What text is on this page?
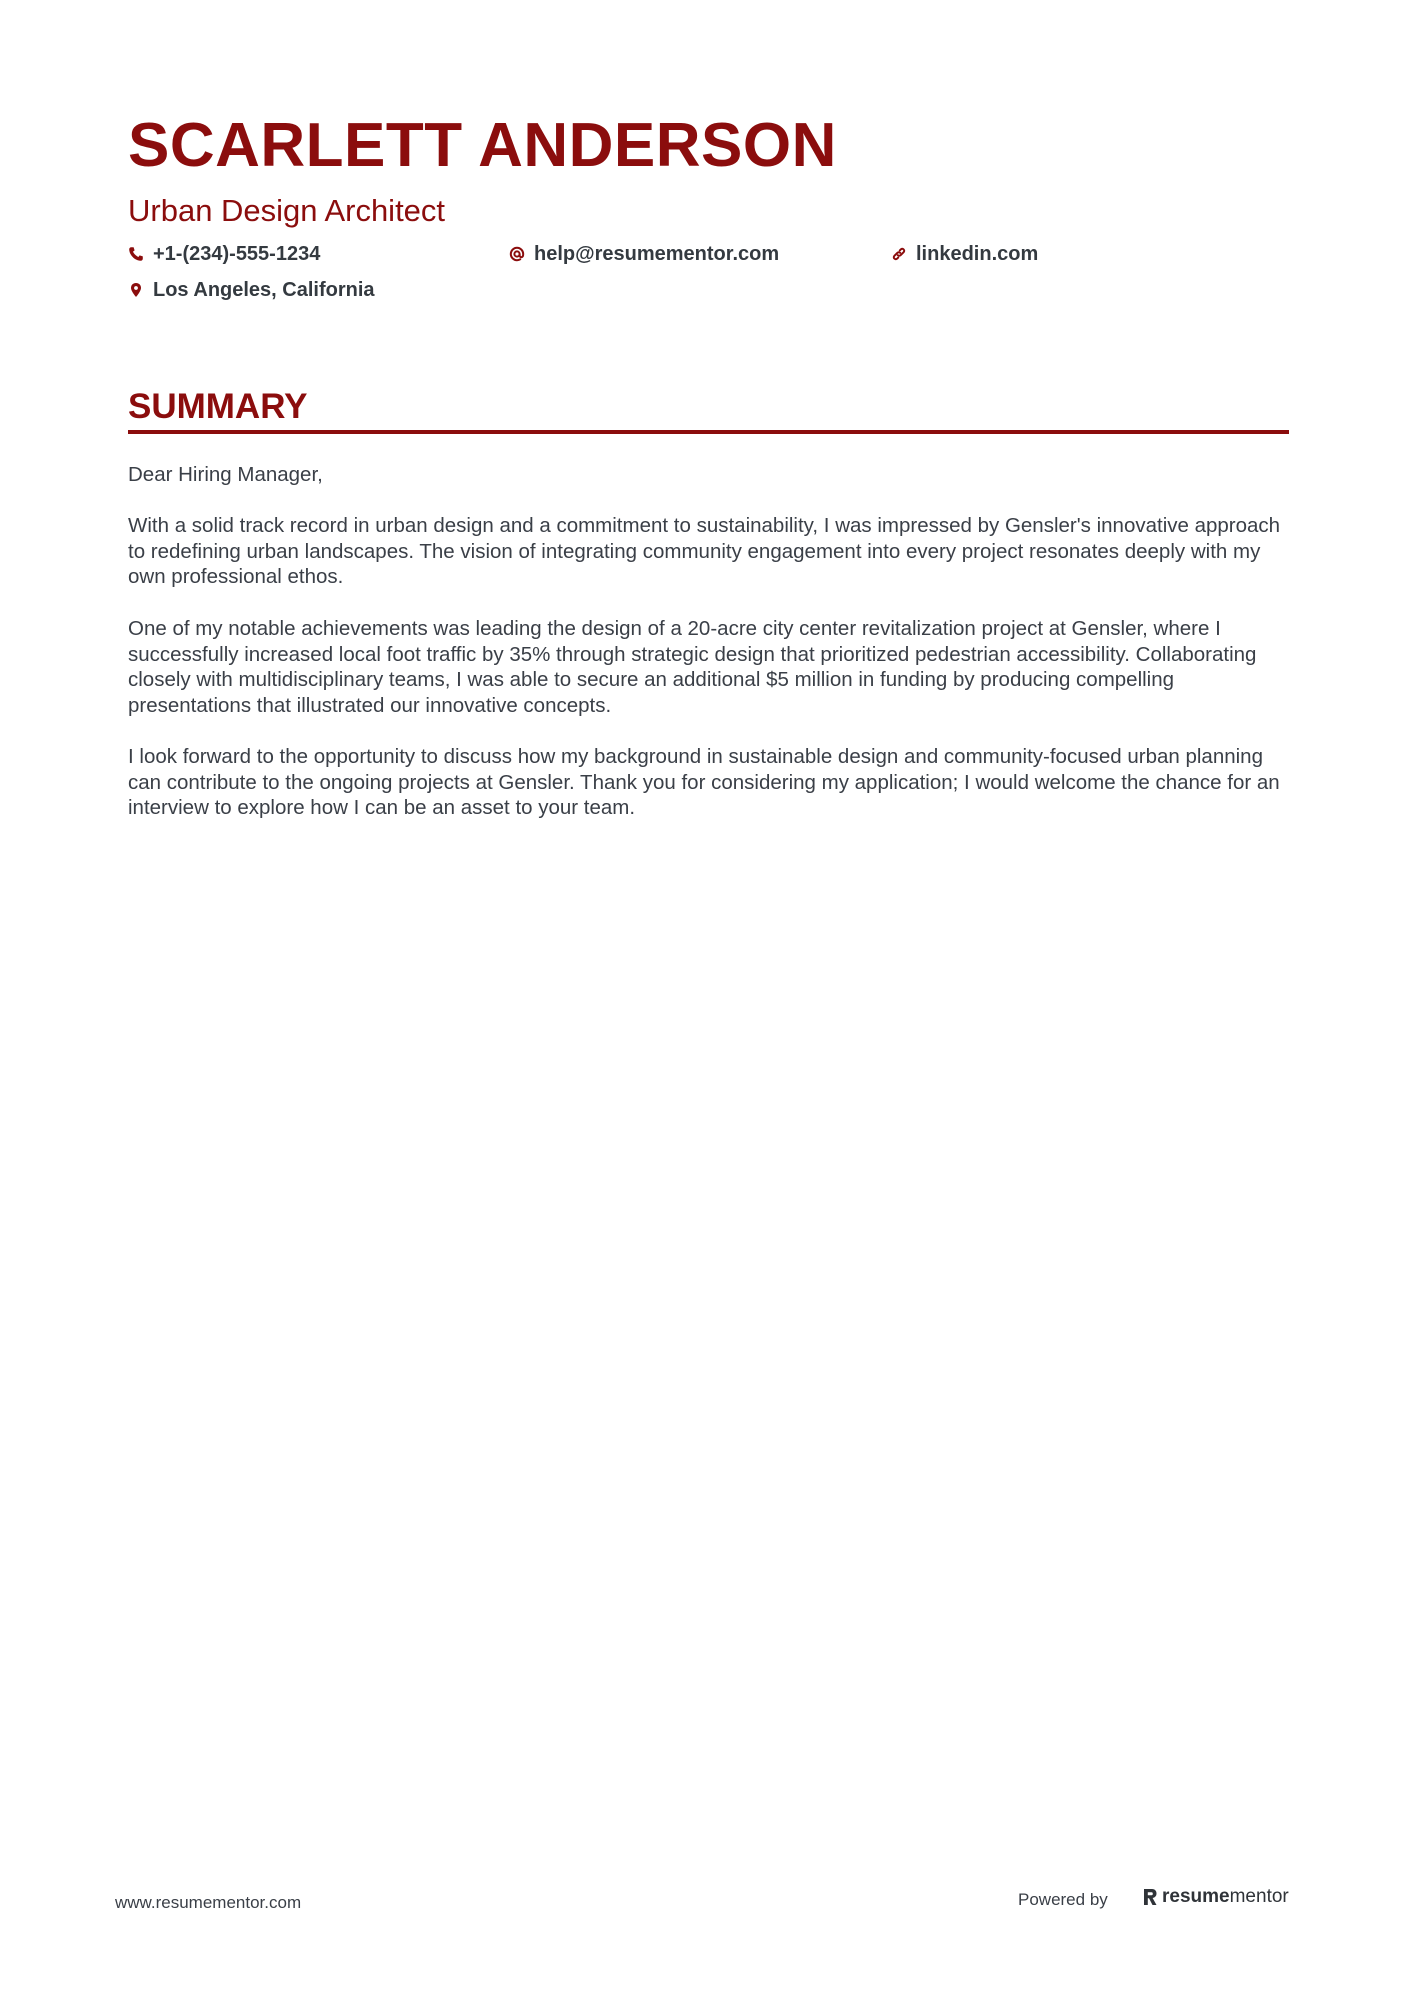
SCARLETT ANDERSON
Urban Design Architect
+1-(234)-555-1234	help@resumementor.com	linkedin.com
Los Angeles, California
SUMMARY
Dear Hiring Manager,
With a solid track record in urban design and a commitment to sustainability, I was impressed by Gensler's innovative approach to redefining urban landscapes. The vision of integrating community engagement into every project resonates deeply with my own professional ethos.
One of my notable achievements was leading the design of a 20-acre city center revitalization project at Gensler, where I successfully increased local foot traffic by 35% through strategic design that prioritized pedestrian accessibility. Collaborating closely with multidisciplinary teams, I was able to secure an additional $5 million in funding by producing compelling presentations that illustrated our innovative concepts.
I look forward to the opportunity to discuss how my background in sustainable design and community-focused urban planning can contribute to the ongoing projects at Gensler. Thank you for considering my application; I would welcome the chance for an interview to explore how I can be an asset to your team.
www.resumementor.com	Powered by	resume mentor
